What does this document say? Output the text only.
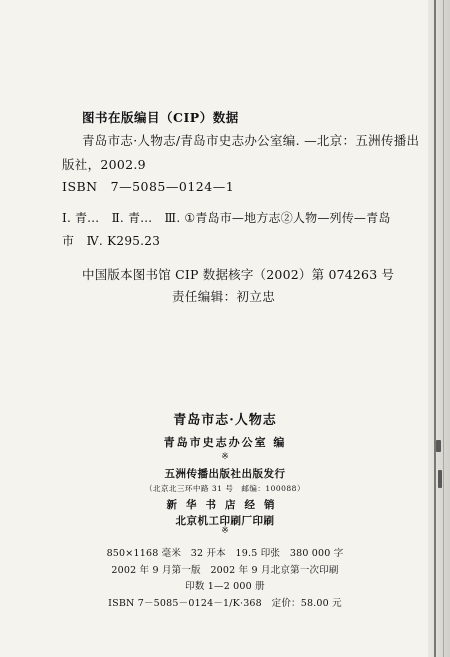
图书在版编目（CIP）数据
青岛市志·人物志/青岛市史志办公室编. —北京：五洲传播出
版社，2002.9
ISBN　7—5085—0124—1
Ⅰ. 青…　Ⅱ. 青…　Ⅲ. ①青岛市—地方志②人物—列传—青岛
市　Ⅳ. K295.23
中国版本图书馆 CIP 数据核字（2002）第 074263 号
责任编辑：初立忠
青岛市志·人物志
青岛市史志办公室 编
※
五洲传播出版社出版发行
（北京北三环中路 31 号　邮编：100088）
新华书店经销
北京机工印刷厂印刷
※
850×1168 毫米　32 开本　19.5 印张　380 000 字
2002 年 9 月第一版　2002 年 9 月北京第一次印刷
印数 1—2 000 册
ISBN 7－5085－0124－1/K·368　定价：58.00 元
